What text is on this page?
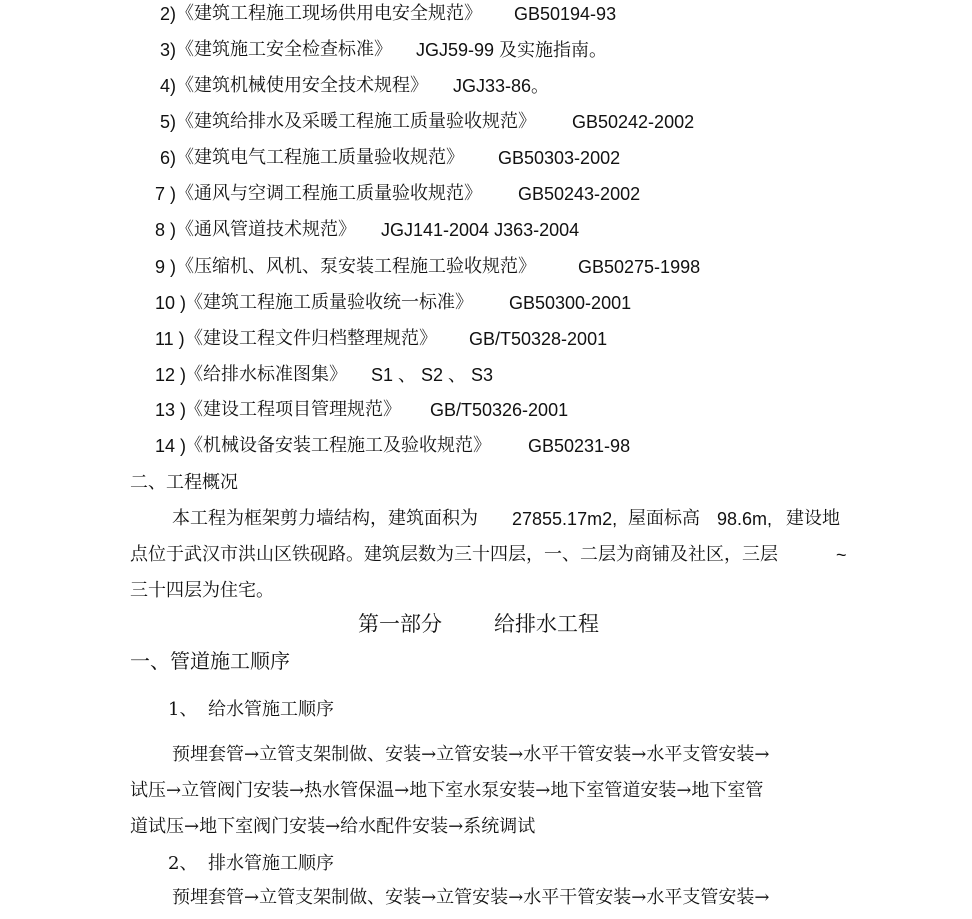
2) 《建筑工程施工现场供用电安全规范》 GB50194-93
3) 《建筑施工安全检查标准》 JGJ59-99 及实施指南。
4) 《建筑机械使用安全技术规程》 JGJ33-86。
5) 《建筑给排水及采暖工程施工质量验收规范》 GB50242-2002
6) 《建筑电气工程施工质量验收规范》 GB50303-2002
7 ) 《通风与空调工程施工质量验收规范》 GB50243-2002
8 ) 《通风管道技术规范》 JGJ141-2004 J363-2004
9 ) 《压缩机、风机、泵安装工程施工验收规范》 GB50275-1998
10 )
《建筑工程施工质量验收统一标准》 GB50300-2001
11 ) 《建设工程文件归档整理规范》 GB/T50328-2001
12 )
《给排水标准图集》 S1 、 S2 、 S3
13 )
《建设工程项目管理规范》 GB/T50326-2001
14 )
《机械设备安装工程施工及验收规范》 GB50231-98
二、工程概况
本工程为框架剪力墙结构，建筑面积为 27855.17m2, 屋面标高 98.6m, 建设地
点位于武汉市洪山区铁砚路。建筑层数为三十四层，一、二层为商铺及社区，三层	~
三十四层为住宅。
第一部分 给排水工程
一、管道施工顺序
1、 给水管施工顺序
预埋套管→立管支架制做、安装→立管安装→水平干管安装→水平支管安装→
试压→立管阀门安装→热水管保温→地下室水泵安装→地下室管道安装→地下室管
道试压→地下室阀门安装→给水配件安装→系统调试
2、 排水管施工顺序
预埋套管→立管支架制做、安装→立管安装→水平干管安装→水平支管安装→
